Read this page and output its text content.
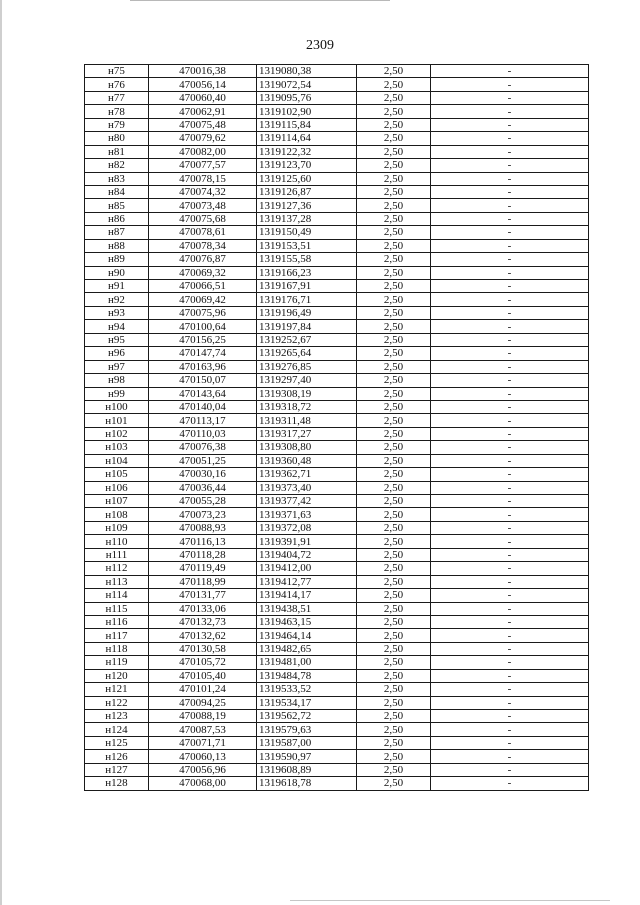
2309
н75	470016,38	1319080,38	2,50	-
н76	470056,14	1319072,54	2,50	-
н77	470060,40	1319095,76	2,50	-
н78	470062,91	1319102,90	2,50	-
н79	470075,48	1319115,84	2,50	-
н80	470079,62	1319114,64	2,50	-
н81	470082,00	1319122,32	2,50	-
н82	470077,57	1319123,70	2,50	-
н83	470078,15	1319125,60	2,50	-
н84	470074,32	1319126,87	2,50	-
н85	470073,48	1319127,36	2,50	-
н86	470075,68	1319137,28	2,50	-
н87	470078,61	1319150,49	2,50	-
н88	470078,34	1319153,51	2,50	-
н89	470076,87	1319155,58	2,50	-
н90	470069,32	1319166,23	2,50	-
н91	470066,51	1319167,91	2,50	-
н92	470069,42	1319176,71	2,50	-
н93	470075,96	1319196,49	2,50	-
н94	470100,64	1319197,84	2,50	-
н95	470156,25	1319252,67	2,50	-
н96	470147,74	1319265,64	2,50	-
н97	470163,96	1319276,85	2,50	-
н98	470150,07	1319297,40	2,50	-
н99	470143,64	1319308,19	2,50	-
н100	470140,04	1319318,72	2,50	-
н101	470113,17	1319311,48	2,50	-
н102	470110,03	1319317,27	2,50	-
н103	470076,38	1319308,80	2,50	-
н104	470051,25	1319360,48	2,50	-
н105	470030,16	1319362,71	2,50	-
н106	470036,44	1319373,40	2,50	-
н107	470055,28	1319377,42	2,50	-
н108	470073,23	1319371,63	2,50	-
н109	470088,93	1319372,08	2,50	-
н110	470116,13	1319391,91	2,50	-
н111	470118,28	1319404,72	2,50	-
н112	470119,49	1319412,00	2,50	-
н113	470118,99	1319412,77	2,50	-
н114	470131,77	1319414,17	2,50	-
н115	470133,06	1319438,51	2,50	-
н116	470132,73	1319463,15	2,50	-
н117	470132,62	1319464,14	2,50	-
н118	470130,58	1319482,65	2,50	-
н119	470105,72	1319481,00	2,50	-
н120	470105,40	1319484,78	2,50	-
н121	470101,24	1319533,52	2,50	-
н122	470094,25	1319534,17	2,50	-
н123	470088,19	1319562,72	2,50	-
н124	470087,53	1319579,63	2,50	-
н125	470071,71	1319587,00	2,50	-
н126	470060,13	1319590,97	2,50	-
н127	470056,96	1319608,89	2,50	-
н128	470068,00	1319618,78	2,50	-
